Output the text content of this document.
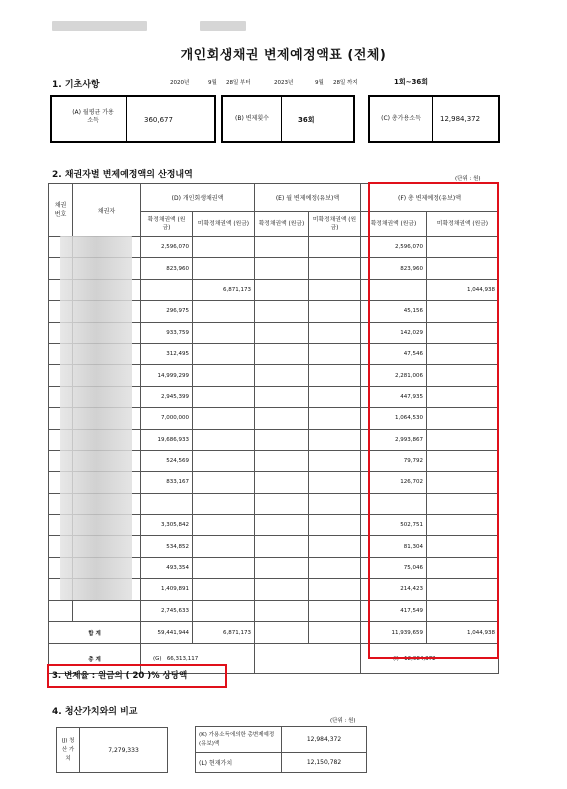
개인회생채권 변제예정액표 (전체)
1. 기초사항	2020년	9월 28일 부터	2023년	9월 28일 까지	1회~36회
(A) 월평균 가용소득	360,677	(B) 변제횟수	36회	(C) 총가용소득	12,984,372
2. 채권자별 변제예정액의 산정내역	(단위 : 원)
채권 번호	채권자	(D) 개인회생채권액		(E) 월 변제예정(유보)액		(F) 총 변제예정(유보)액	
		확정채권액 (원금)	미확정채권액 (원금)	확정채권액 (원금)	미확정채권액 (원금)	확정채권액 (원금)	미확정채권액 (원금)
		2,596,070				2,596,070	
		823,960				823,960	
			6,871,173				1,044,938
		296,975				45,156	
		933,759				142,029	
		312,495				47,546	
		14,999,299				2,281,006	
		2,945,399				447,935	
		7,000,000				1,064,530	
		19,686,933				2,993,867	
		524,569				79,792	
		833,167				126,702	

		3,305,842				502,751	
		534,852				81,304	
		493,354				75,046	
		1,409,891				214,423	
		2,745,633				417,549	
합 계		59,441,944	6,871,173			11,939,659	1,044,938
총 계		(G) 66,313,117				(I) 12,984,372	
3. 변제율 : 원금의 ( 20 )% 상당액
4. 청산가치와의 비교
(단위 : 원)
(J) 청산 가치	7,279,333
(K) 가용소득에의한 총변제예정(유보)액	12,984,372
(L) 현재가치	12,150,782
